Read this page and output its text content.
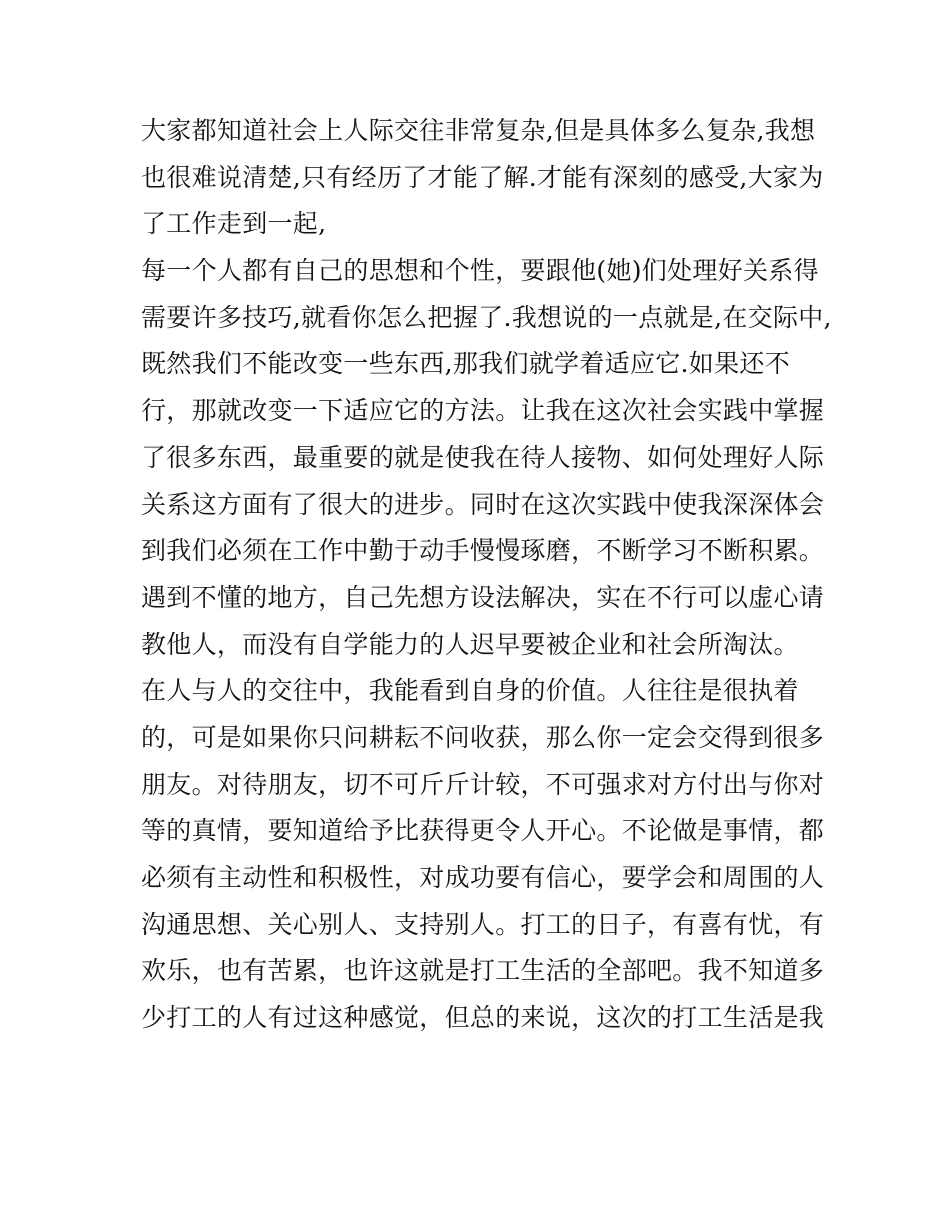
大家都知道社会上人际交往非常复杂,但是具体多么复杂,我想
也很难说清楚,只有经历了才能了解.才能有深刻的感受,大家为
了工作走到一起,
每一个人都有自己的思想和个性，要跟他(她)们处理好关系得
需要许多技巧,就看你怎么把握了.我想说的一点就是,在交际中,
既然我们不能改变一些东西,那我们就学着适应它.如果还不
行，那就改变一下适应它的方法。让我在这次社会实践中掌握
了很多东西，最重要的就是使我在待人接物、如何处理好人际
关系这方面有了很大的进步。同时在这次实践中使我深深体会
到我们必须在工作中勤于动手慢慢琢磨，不断学习不断积累。
遇到不懂的地方，自己先想方设法解决，实在不行可以虚心请
教他人，而没有自学能力的人迟早要被企业和社会所淘汰。
在人与人的交往中，我能看到自身的价值。人往往是很执着
的，可是如果你只问耕耘不问收获，那么你一定会交得到很多
朋友。对待朋友，切不可斤斤计较，不可强求对方付出与你对
等的真情，要知道给予比获得更令人开心。不论做是事情，都
必须有主动性和积极性，对成功要有信心，要学会和周围的人
沟通思想、关心别人、支持别人。打工的日子，有喜有忧，有
欢乐，也有苦累，也许这就是打工生活的全部吧。我不知道多
少打工的人有过这种感觉，但总的来说，这次的打工生活是我
